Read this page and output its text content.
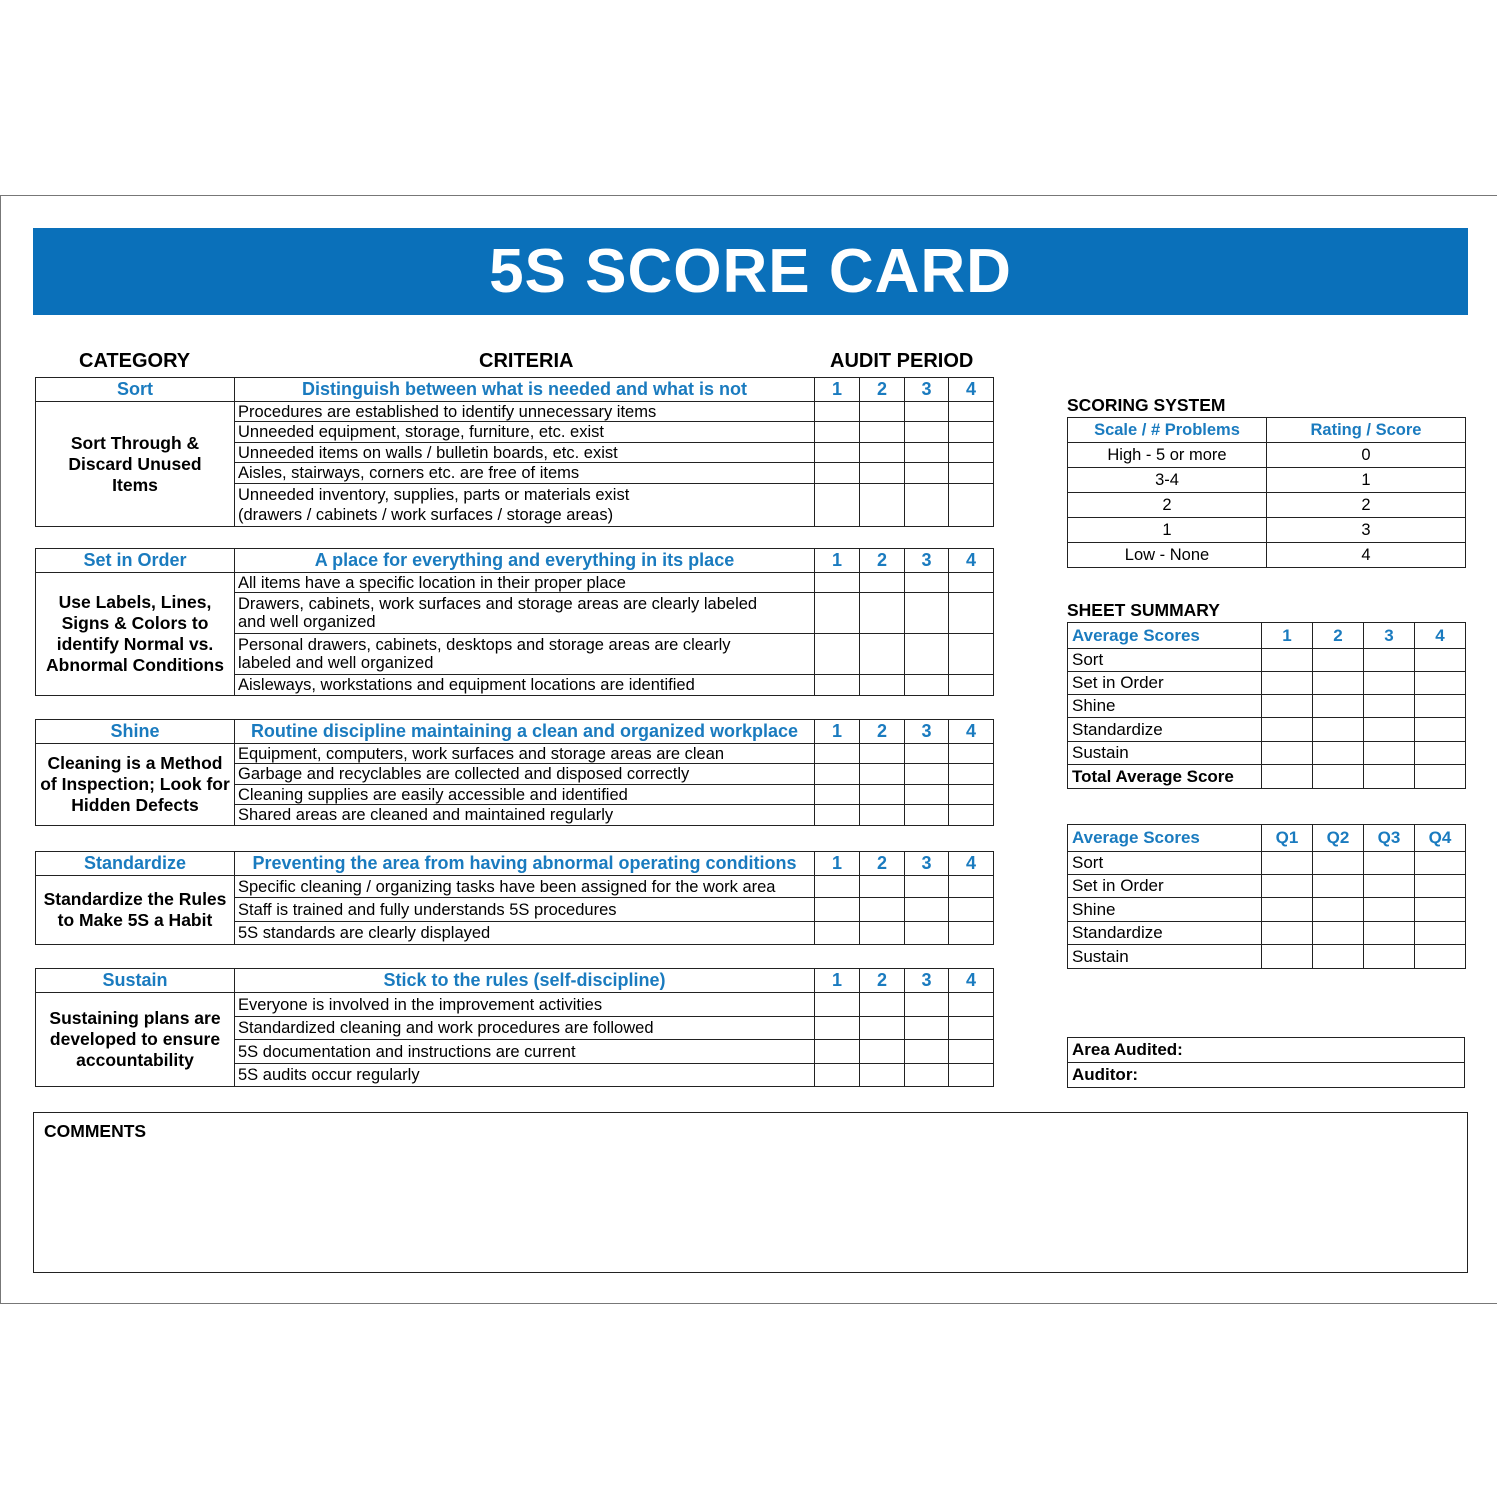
5S SCORE CARD
CATEGORY	CRITERIA	AUDIT PERIOD
Sort	Distinguish between what is needed and what is not	1	2	3	4
Sort Through & Discard Unused Items	Procedures are established to identify unnecessary items				
	Unneeded equipment, storage, furniture, etc. exist				
	Unneeded items on walls / bulletin boards, etc. exist				
	Aisles, stairways, corners etc. are free of items				
	Unneeded inventory, supplies, parts or materials exist (drawers / cabinets / work surfaces / storage areas)				
Set in Order	A place for everything and everything in its place	1	2	3	4
Use Labels, Lines, Signs & Colors to identify Normal vs. Abnormal Conditions	All items have a specific location in their proper place				
	Drawers, cabinets, work surfaces and storage areas are clearly labeled and well organized				
	Personal drawers, cabinets, desktops and storage areas are clearly labeled and well organized				
	Aisleways, workstations and equipment locations are identified				
Shine	Routine discipline maintaining a clean and organized workplace	1	2	3	4
Cleaning is a Method of Inspection; Look for Hidden Defects	Equipment, computers, work surfaces and storage areas are clean				
	Garbage and recyclables are collected and disposed correctly				
	Cleaning supplies are easily accessible and identified				
	Shared areas are cleaned and maintained regularly				
Standardize	Preventing the area from having abnormal operating conditions	1	2	3	4
Standardize the Rules to Make 5S a Habit	Specific cleaning / organizing tasks have been assigned for the work area				
	Staff is trained and fully understands 5S procedures				
	5S standards are clearly displayed				
Sustain	Stick to the rules (self-discipline)	1	2	3	4
Sustaining plans are developed to ensure accountability	Everyone is involved in the improvement activities				
	Standardized cleaning and work procedures are followed				
	5S documentation and instructions are current				
	5S audits occur regularly				
SCORING SYSTEM
Scale / # Problems	Rating / Score
High - 5 or more	0
3-4	1
2	2
1	3
Low - None	4
SHEET SUMMARY
Average Scores	1	2	3	4
Sort				
Set in Order				
Shine				
Standardize				
Sustain				
Total Average Score				
Average Scores	Q1	Q2	Q3	Q4
Sort				
Set in Order				
Shine				
Standardize				
Sustain				
Area Audited:
Auditor:
COMMENTS
